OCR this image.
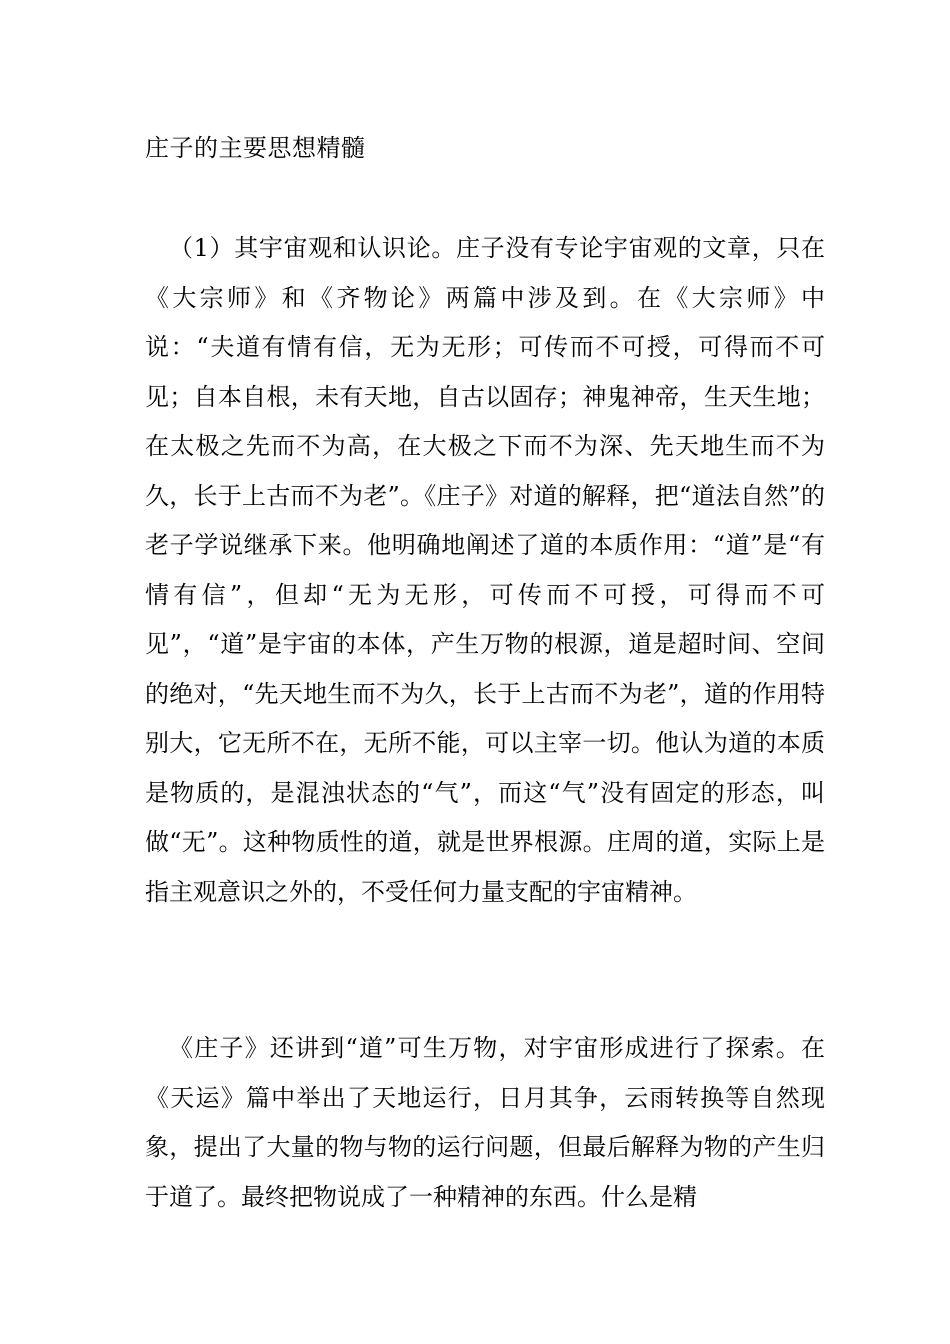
庄子的主要思想精髓

（1）其宇宙观和认识论。庄子没有专论宇宙观的文章，只在《大宗师》和《齐物论》两篇中涉及到。在《大宗师》中说：“夫道有情有信，无为无形；可传而不可授，可得而不可见；自本自根，未有天地，自古以固存；神鬼神帝，生天生地；在太极之先而不为高，在大极之下而不为深、先天地生而不为久，长于上古而不为老”。《庄子》对道的解释，把“道法自然”的老子学说继承下来。他明确地阐述了道的本质作用：“道”是“有情有信”，但却“无为无形，可传而不可授，可得而不可见”，“道”是宇宙的本体，产生万物的根源，道是超时间、空间的绝对，“先天地生而不为久，长于上古而不为老”，道的作用特别大，它无所不在，无所不能，可以主宰一切。他认为道的本质是物质的，是混浊状态的“气”，而这“气”没有固定的形态，叫做“无”。这种物质性的道，就是世界根源。庄周的道，实际上是指主观意识之外的，不受任何力量支配的宇宙精神。

《庄子》还讲到“道”可生万物，对宇宙形成进行了探索。在《天运》篇中举出了天地运行，日月其争，云雨转换等自然现象，提出了大量的物与物的运行问题，但最后解释为物的产生归于道了。最终把物说成了一种精神的东西。什么是精
